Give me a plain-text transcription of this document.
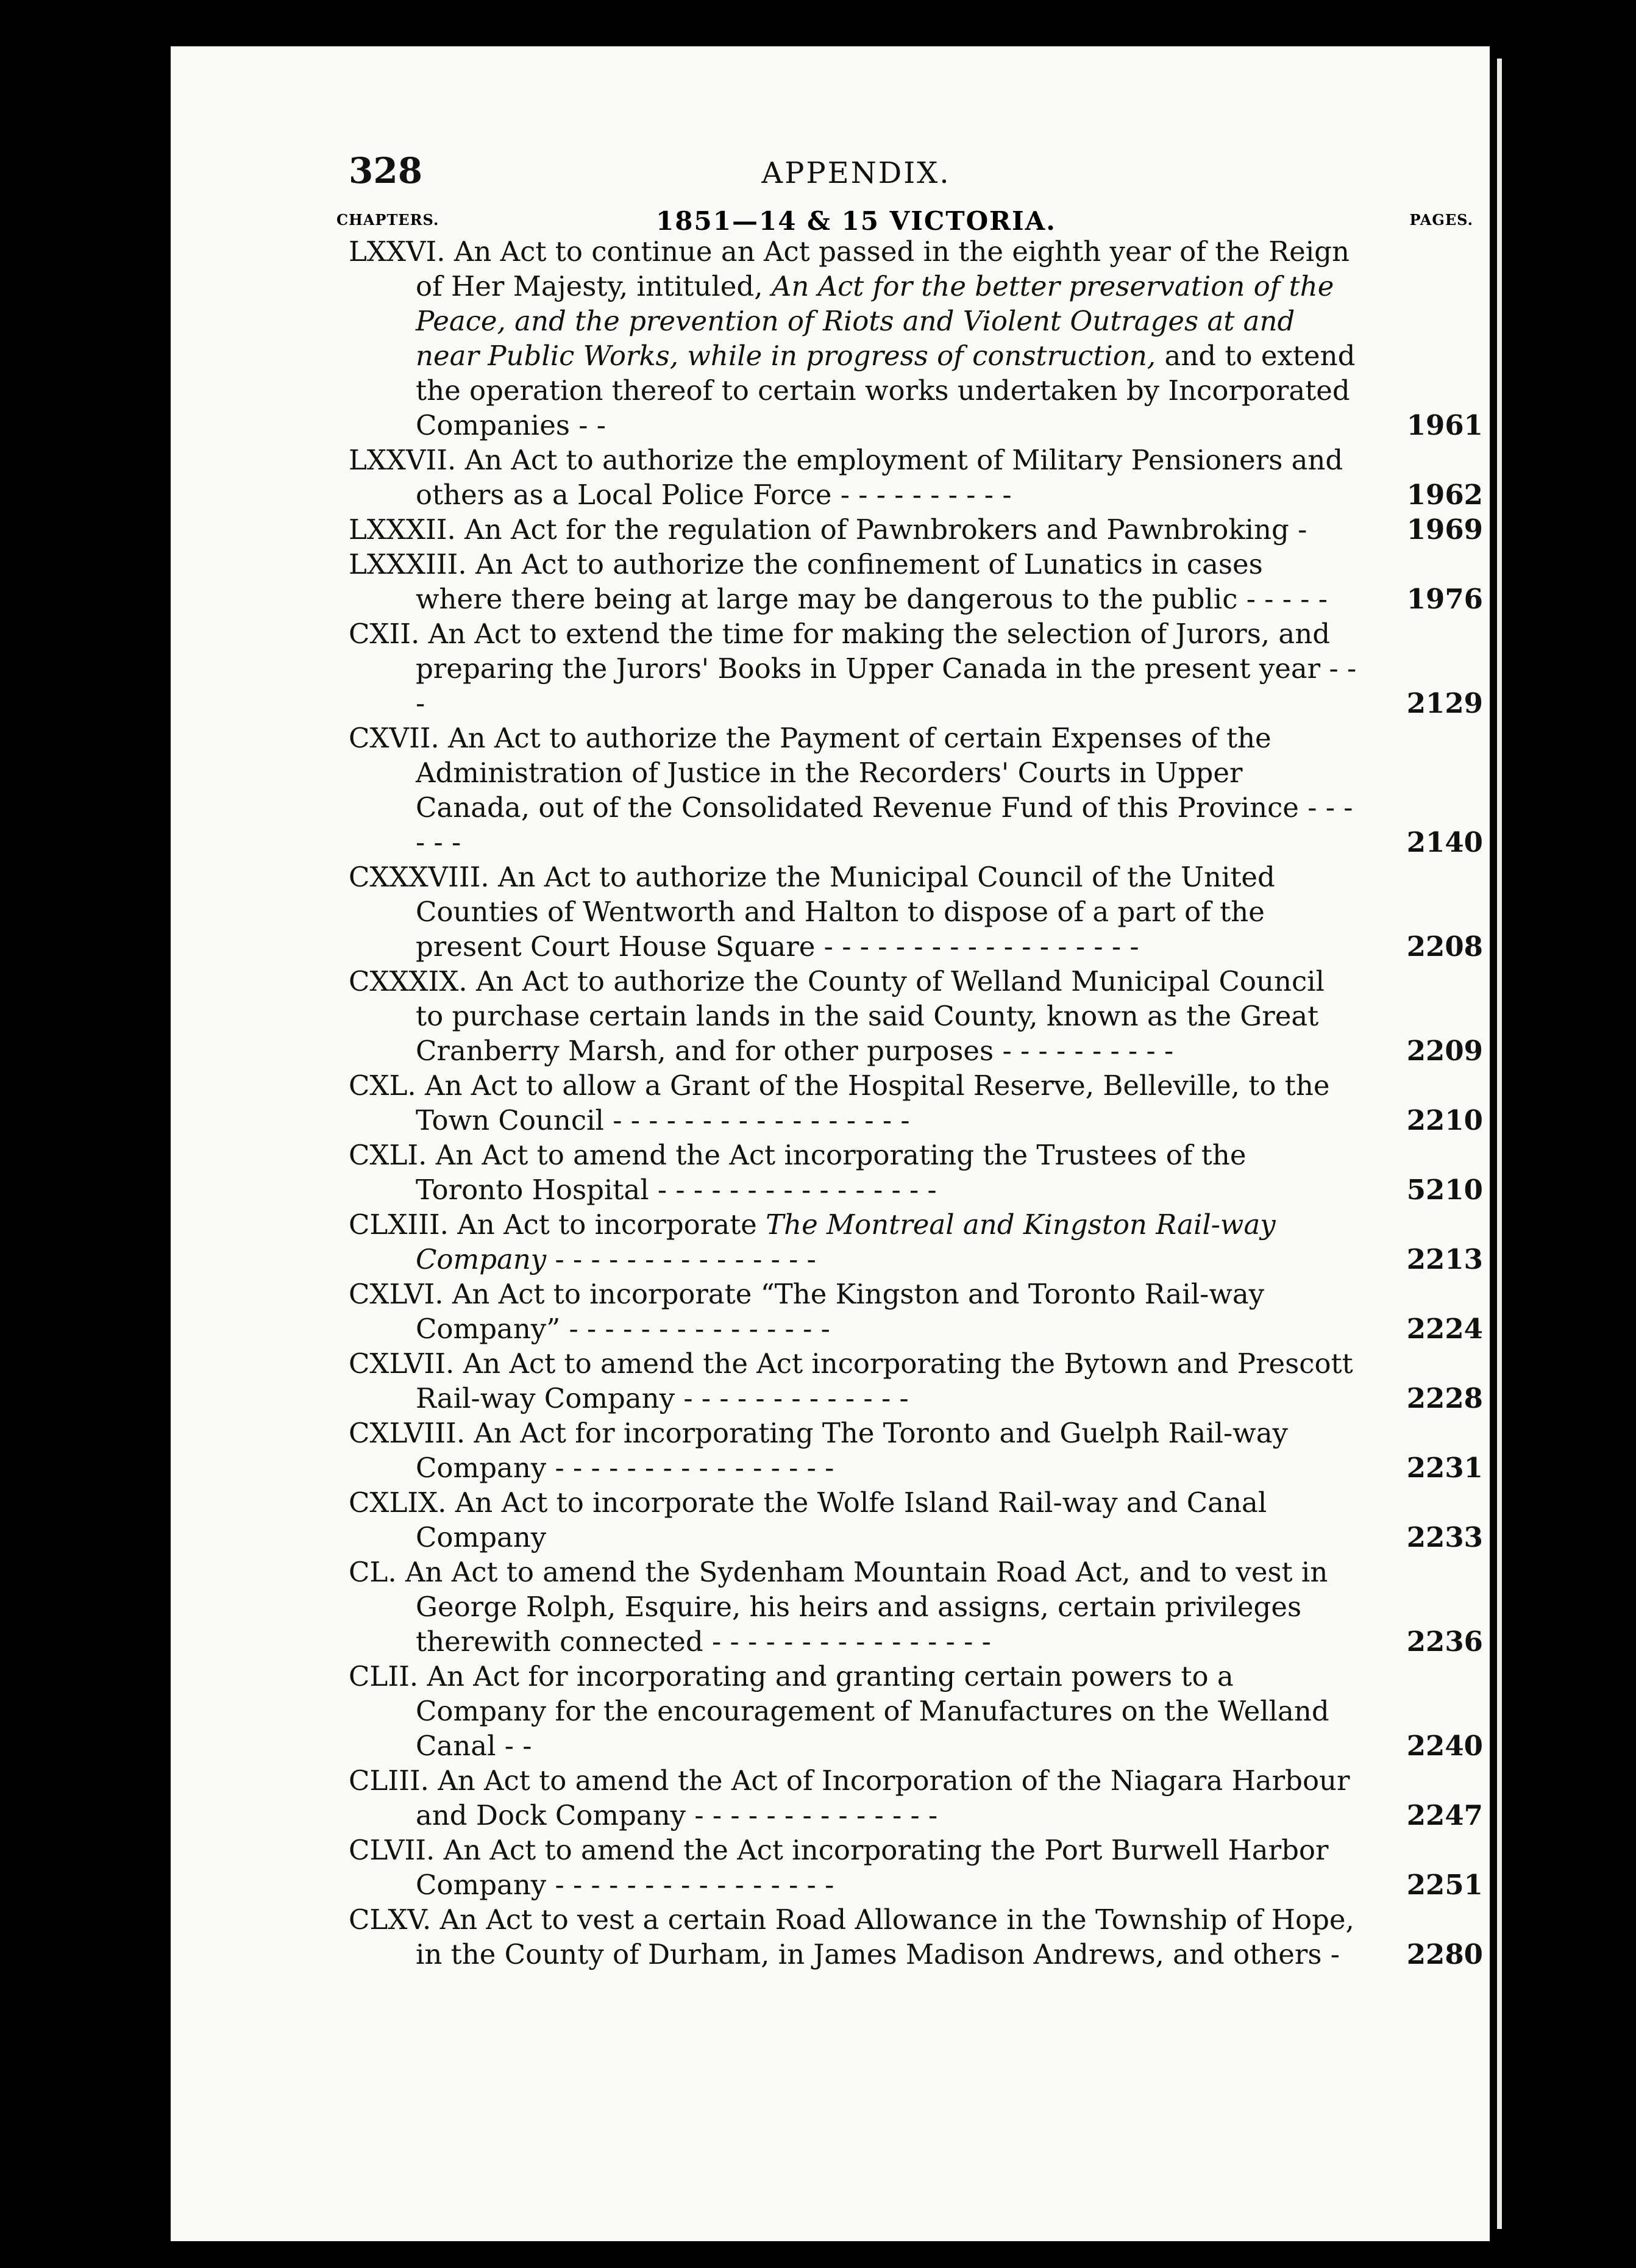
328	APPENDIX.
CHAPTERS.	1851—14 & 15 VICTORIA.	PAGES.
LXXVI. An Act to continue an Act passed in the eighth year of the Reign of Her Majesty, intituled, An Act for the better preservation of the Peace, and the prevention of Riots and Violent Outrages at and near Public Works, while in progress of construction, and to extend the operation thereof to certain works undertaken by Incorporated Companies - -	1961
LXXVII. An Act to authorize the employment of Military Pensioners and others as a Local Police Force - - - - - - - - - -	1962
LXXXII. An Act for the regulation of Pawnbrokers and Pawnbroking -	1969
LXXXIII. An Act to authorize the confinement of Lunatics in cases where there being at large may be dangerous to the public - - - - -	1976
CXII. An Act to extend the time for making the selection of Jurors, and preparing the Jurors' Books in Upper Canada in the present year - - -	2129
CXVII. An Act to authorize the Payment of certain Expenses of the Administration of Justice in the Recorders' Courts in Upper Canada, out of the Consolidated Revenue Fund of this Province - - - - - -	2140
CXXXVIII. An Act to authorize the Municipal Council of the United Counties of Wentworth and Halton to dispose of a part of the present Court House Square - - - - - - - - - - - - - - - - - -	2208
CXXXIX. An Act to authorize the County of Welland Municipal Council to purchase certain lands in the said County, known as the Great Cranberry Marsh, and for other purposes - - - - - - - - - -	2209
CXL. An Act to allow a Grant of the Hospital Reserve, Belleville, to the Town Council - - - - - - - - - - - - - - - - -	2210
CXLI. An Act to amend the Act incorporating the Trustees of the Toronto Hospital - - - - - - - - - - - - - - - -	5210
CLXIII. An Act to incorporate The Montreal and Kingston Rail-way Company - - - - - - - - - - - - - - -	2213
CXLVI. An Act to incorporate “The Kingston and Toronto Rail-way Company” - - - - - - - - - - - - - - -	2224
CXLVII. An Act to amend the Act incorporating the Bytown and Prescott Rail-way Company - - - - - - - - - - - - -	2228
CXLVIII. An Act for incorporating The Toronto and Guelph Rail-way Company - - - - - - - - - - - - - - - -	2231
CXLIX. An Act to incorporate the Wolfe Island Rail-way and Canal Company	2233
CL. An Act to amend the Sydenham Mountain Road Act, and to vest in George Rolph, Esquire, his heirs and assigns, certain privileges therewith connected - - - - - - - - - - - - - - - -	2236
CLII. An Act for incorporating and granting certain powers to a Company for the encouragement of Manufactures on the Welland Canal - -	2240
CLIII. An Act to amend the Act of Incorporation of the Niagara Harbour and Dock Company - - - - - - - - - - - - - -	2247
CLVII. An Act to amend the Act incorporating the Port Burwell Harbor Company - - - - - - - - - - - - - - - -	2251
CLXV. An Act to vest a certain Road Allowance in the Township of Hope, in the County of Durham, in James Madison Andrews, and others - 2280
